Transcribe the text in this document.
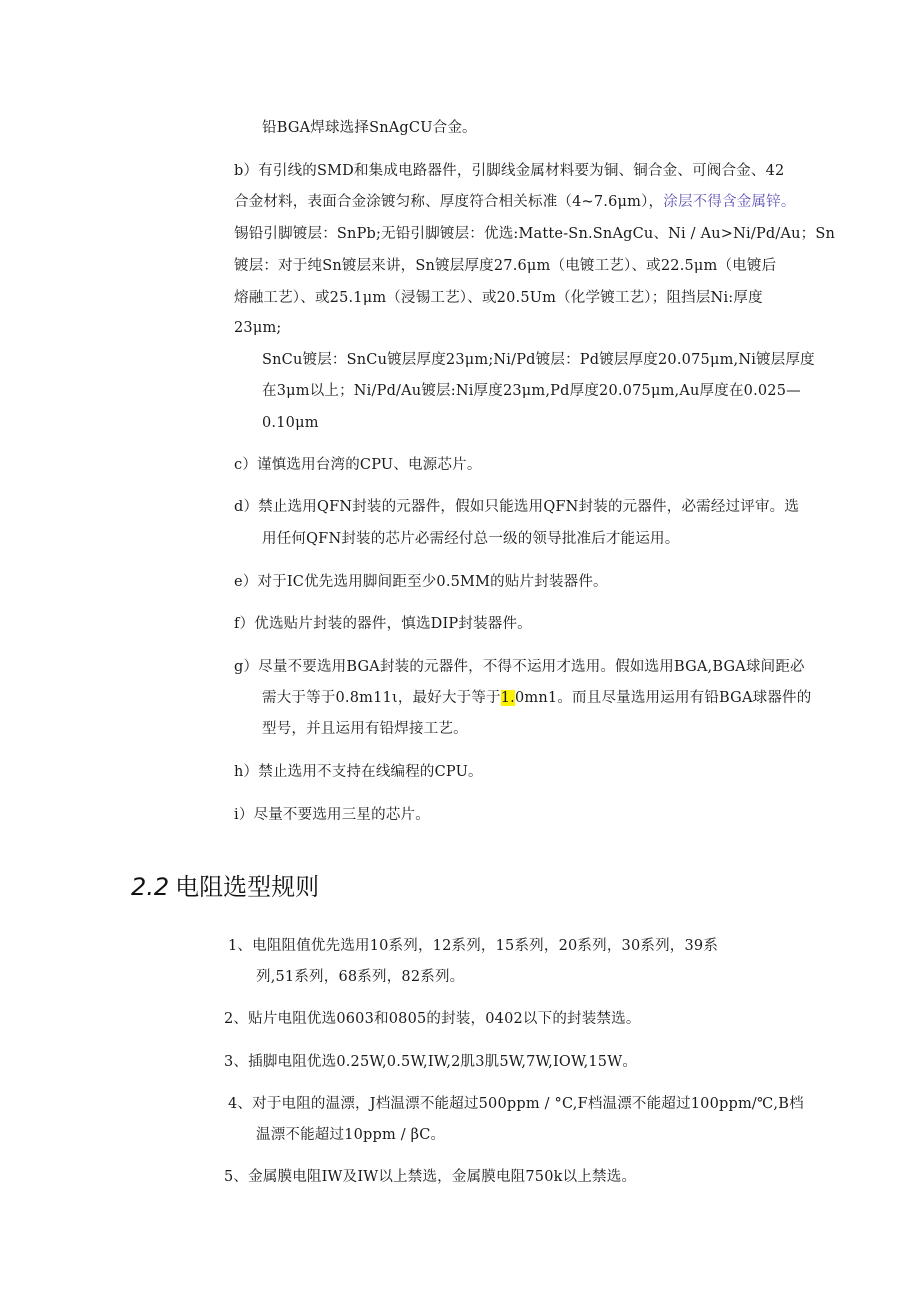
铅BGA焊球选择SnAgCU合金。
b）有引线的SMD和集成电路器件，引脚线金属材料要为铜、铜合金、可阀合金、42
合金材料，表面合金涂镀匀称、厚度符合相关标准（4~7.6μm），涂层不得含金属锌。
锡铅引脚镀层：SnPb;无铅引脚镀层：优选:Matte-Sn.SnAgCu、Ni / Au>Ni/Pd/Au；Sn
镀层：对于纯Sn镀层来讲，Sn镀层厚度27.6μm（电镀工艺）、或22.5μm（电镀后
熔融工艺）、或25.1μm（浸锡工艺）、或20.5Um（化学镀工艺）；阻挡层Ni:厚度
23μm;
SnCu镀层：SnCu镀层厚度23μm;Ni/Pd镀层：Pd镀层厚度20.075μm,Ni镀层厚度
在3μm以上；Ni/Pd/Au镀层:Ni厚度23μm,Pd厚度20.075μm,Au厚度在0.025—
0.10μm
c）谨慎选用台湾的CPU、电源芯片。
d）禁止选用QFN封装的元器件，假如只能选用QFN封装的元器件，必需经过评审。选
用任何QFN封装的芯片必需经付总一级的领导批准后才能运用。
e）对于IC优先选用脚间距至少0.5MM的贴片封装器件。
f）优选贴片封装的器件，慎选DIP封装器件。
g）尽量不要选用BGA封装的元器件，不得不运用才选用。假如选用BGA,BGA球间距必
需大于等于0.8m11ι，最好大于等于1.0mn1。而且尽量选用运用有铅BGA球器件的
型号，并且运用有铅焊接工艺。
h）禁止选用不支持在线编程的CPU。
i）尽量不要选用三星的芯片。
2.2 电阻选型规则
1、电阻阻值优先选用10系列，12系列，15系列，20系列，30系列，39系
列,51系列，68系列，82系列。
2、贴片电阻优选0603和0805的封装，0402以下的封装禁选。
3、插脚电阻优选0.25W,0.5W,IW,2肌3肌5W,7W,IOW,15W。
4、对于电阻的温漂，J档温漂不能超过500ppm / °C,F档温漂不能超过100ppm/℃,B档
温漂不能超过10ppm / βC。
5、金属膜电阻IW及IW以上禁选，金属膜电阻750k以上禁选。
